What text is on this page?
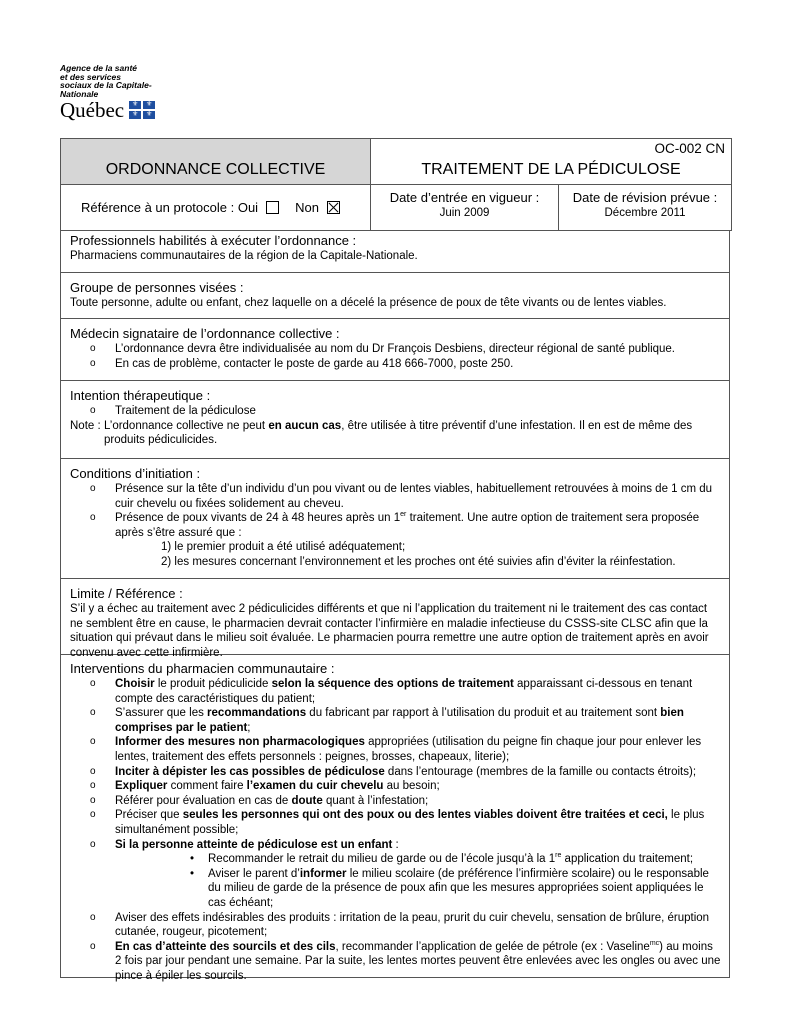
Agence de la santé
et des services
sociaux de la Capitale-
Nationale
Québec	⚜	⚜
⚜	⚜
ORDONNANCE COLLECTIVE
OC-002 CN
TRAITEMENT DE LA PÉDICULOSE
Référence à un protocole :
Oui	Non
Date d’entrée en vigueur :
Juin 2009
Date de révision prévue :
Décembre 2011
Professionnels habilités à exécuter l’ordonnance :

Pharmaciens communautaires de la région de la Capitale-Nationale.

Groupe de personnes visées :

Toute personne, adulte ou enfant, chez laquelle on a décelé la présence de poux de tête vivants ou de lentes viables.

Médecin signataire de l’ordonnance collective :
o L’ordonnance devra être individualisée au nom du Dr François Desbiens, directeur régional de santé publique.
o En cas de problème, contacter le poste de garde au 418 666-7000, poste 250.
Intention thérapeutique :
o Traitement de la pédiculose
Note : L’ordonnance collective ne peut en aucun cas, être utilisée à titre préventif d’une infestation. Il en est de même des produits pédiculicides.
Conditions d’initiation :
o Présence sur la tête d’un individu d’un pou vivant ou de lentes viables, habituellement retrouvées à moins de 1 cm du cuir chevelu ou fixées solidement au cheveu.
o Présence de poux vivants de 24 à 48 heures après un 1er traitement. Une autre option de traitement sera proposée après s’être assuré que :
1) le premier produit a été utilisé adéquatement;
2) les mesures concernant l’environnement et les proches ont été suivies afin d’éviter la réinfestation.
Limite / Référence :

S’il y a échec au traitement avec 2 pédiculicides différents et que ni l’application du traitement ni le traitement des cas contact ne semblent être en cause, le pharmacien devrait contacter l’infirmière en maladie infectieuse du CSSS-site CLSC afin que la situation qui prévaut dans le milieu soit évaluée. Le pharmacien pourra remettre une autre option de traitement après en avoir convenu avec cette infirmière.

Interventions du pharmacien communautaire :
o Choisir le produit pédiculicide selon la séquence des options de traitement apparaissant ci-dessous en tenant compte des caractéristiques du patient;
o S’assurer que les recommandations du fabricant par rapport à l’utilisation du produit et au traitement sont bien comprises par le patient;
o Informer des mesures non pharmacologiques appropriées (utilisation du peigne fin chaque jour pour enlever les lentes, traitement des effets personnels : peignes, brosses, chapeaux, literie);
o Inciter à dépister les cas possibles de pédiculose dans l’entourage (membres de la famille ou contacts étroits);
o Expliquer comment faire l’examen du cuir chevelu au besoin;
o Référer pour évaluation en cas de doute quant à l’infestation;
o Préciser que seules les personnes qui ont des poux ou des lentes viables doivent être traitées et ceci, le plus simultanément possible;
o Si la personne atteinte de pédiculose est un enfant :
• Recommander le retrait du milieu de garde ou de l’école jusqu’à la 1re application du traitement;
• Aviser le parent d’informer le milieu scolaire (de préférence l’infirmière scolaire) ou le responsable du milieu de garde de la présence de poux afin que les mesures appropriées soient appliquées le cas échéant;
o Aviser des effets indésirables des produits : irritation de la peau, prurit du cuir chevelu, sensation de brûlure, éruption cutanée, rougeur, picotement;
o En cas d’atteinte des sourcils et des cils, recommander l’application de gelée de pétrole (ex : Vaseline$^{mc}$) au moins 2 fois par jour pendant une semaine. Par la suite, les lentes mortes peuvent être enlevées avec les ongles ou avec une pince à épiler les sourcils.
